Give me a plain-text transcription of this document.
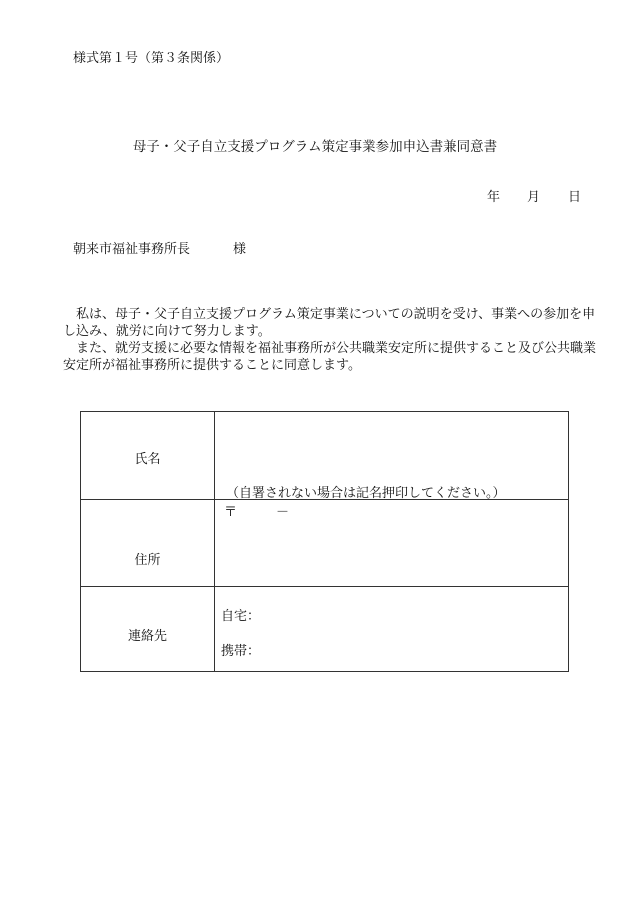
様式第１号（第３条関係）
母子・父子自立支援プログラム策定事業参加申込書兼同意書
年 月 日
朝来市福祉事務所長	様

私は、母子・父子自立支援プログラム策定事業についての説明を受け、事業への参加を申し込み、就労に向けて努力します。

また、就労支援に必要な情報を福祉事務所が公共職業安定所に提供すること及び公共職業安定所が福祉事務所に提供することに同意します。

氏名
（自署されない場合は記名押印してください。）
住所
〒	－
連絡先
自宅：
携帯：
